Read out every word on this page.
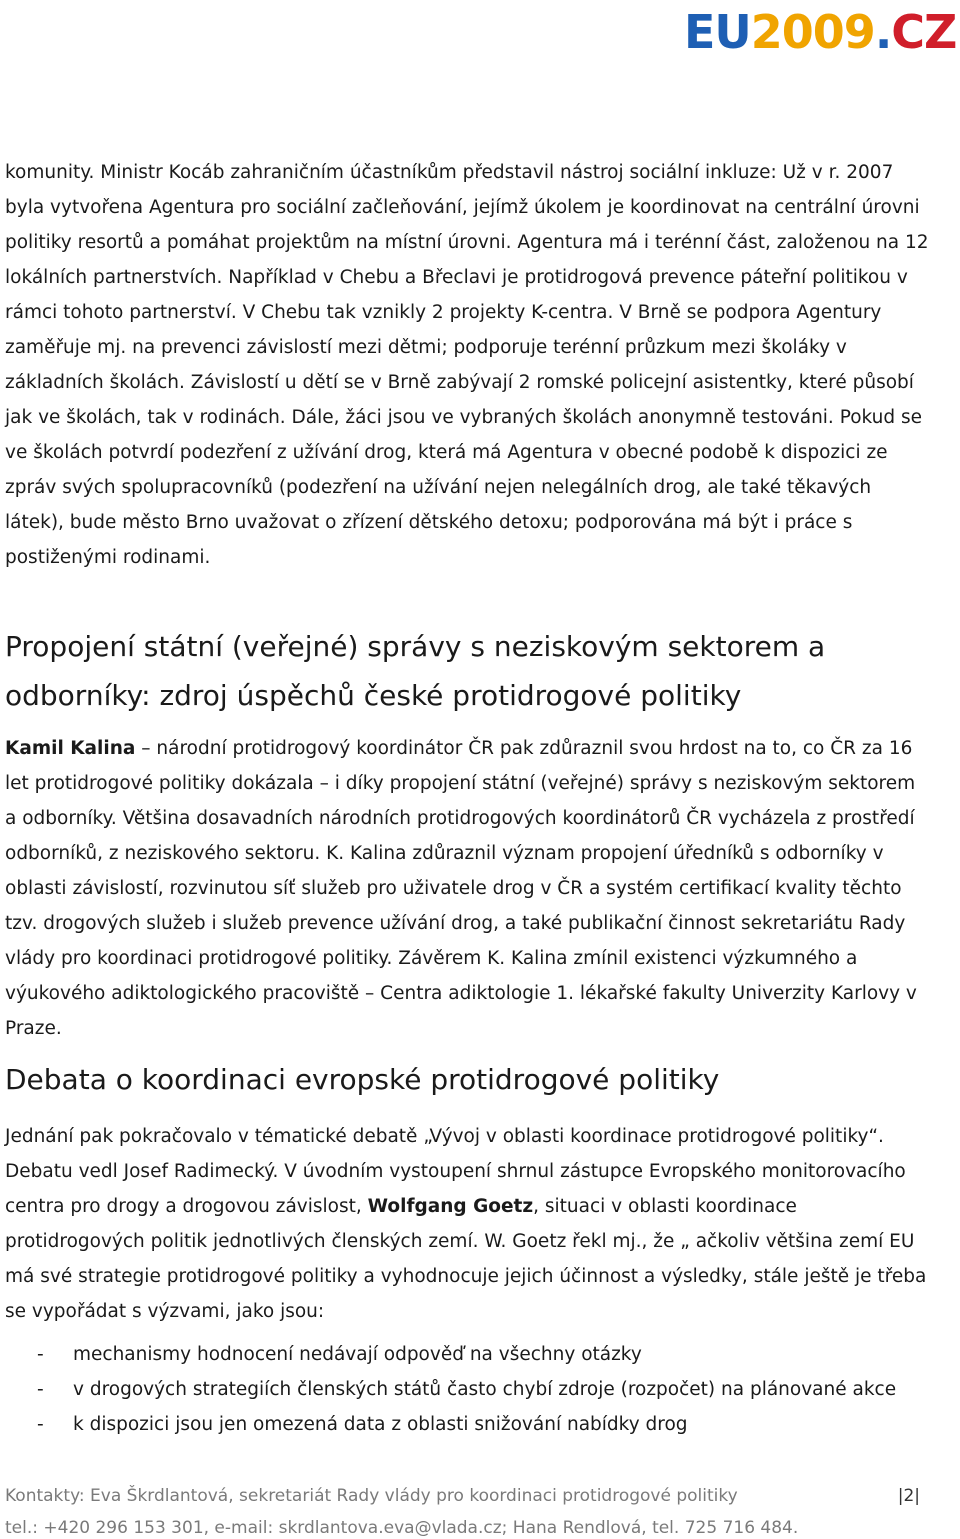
EU 2009 . CZ

komunity. Ministr Kocáb zahraničním účastníkům představil nástroj sociální inkluze: Už v r. 2007 byla vytvořena Agentura pro sociální začleňování, jejímž úkolem je koordinovat na centrální úrovni politiky resortů a pomáhat projektům na místní úrovni. Agentura má i terénní část, založenou na 12 lokálních partnerstvích. Například v Chebu a Břeclavi je protidrogová prevence páteřní politikou v rámci tohoto partnerství. V Chebu tak vznikly 2 projekty K-centra. V Brně se podpora Agentury zaměřuje mj. na prevenci závislostí mezi dětmi; podporuje terénní průzkum mezi školáky v základních školách. Závislostí u dětí se v Brně zabývají 2 romské policejní asistentky, které působí jak ve školách, tak v rodinách. Dále, žáci jsou ve vybraných školách anonymně testováni. Pokud se ve školách potvrdí podezření z užívání drog, která má Agentura v obecné podobě k dispozici ze zpráv svých spolupracovníků (podezření na užívání nejen nelegálních drog, ale také těkavých látek), bude město Brno uvažovat o zřízení dětského detoxu; podporována má být i práce s postiženými rodinami.

Propojení státní (veřejné) správy s neziskovým sektorem a odborníky: zdroj úspěchů české protidrogové politiky

Kamil Kalina – národní protidrogový koordinátor ČR pak zdůraznil svou hrdost na to, co ČR za 16 let protidrogové politiky dokázala – i díky propojení státní (veřejné) správy s neziskovým sektorem a odborníky. Většina dosavadních národních protidrogových koordinátorů ČR vycházela z prostředí odborníků, z neziskového sektoru. K. Kalina zdůraznil význam propojení úředníků s odborníky v oblasti závislostí, rozvinutou síť služeb pro uživatele drog v ČR a systém certifikací kvality těchto tzv. drogových služeb i služeb prevence užívání drog, a také publikační činnost sekretariátu Rady vlády pro koordinaci protidrogové politiky. Závěrem K. Kalina zmínil existenci výzkumného a výukového adiktologického pracoviště – Centra adiktologie 1. lékařské fakulty Univerzity Karlovy v Praze.

Debata o koordinaci evropské protidrogové politiky

Jednání pak pokračovalo v tématické debatě „Vývoj v oblasti koordinace protidrogové politiky“. Debatu vedl Josef Radimecký. V úvodním vystoupení shrnul zástupce Evropského monitorovacího centra pro drogy a drogovou závislost, Wolfgang Goetz, situaci v oblasti koordinace protidrogových politik jednotlivých členských zemí. W. Goetz řekl mj., že „ ačkoliv většina zemí EU má své strategie protidrogové politiky a vyhodnocuje jejich účinnost a výsledky, stále ještě je třeba se vypořádat s výzvami, jako jsou:

- mechanismy hodnocení nedávají odpověď na všechny otázky
- v drogových strategiích členských států často chybí zdroje (rozpočet) na plánované akce
- k dispozici jsou jen omezená data z oblasti snižování nabídky drog
Kontakty: Eva Škrdlantová, sekretariát Rady vlády pro koordinaci protidrogové politiky	|2|
tel.: +420 296 153 301, e-mail: skrdlantova.eva@vlada.cz; Hana Rendlová, tel. 725 716 484.
